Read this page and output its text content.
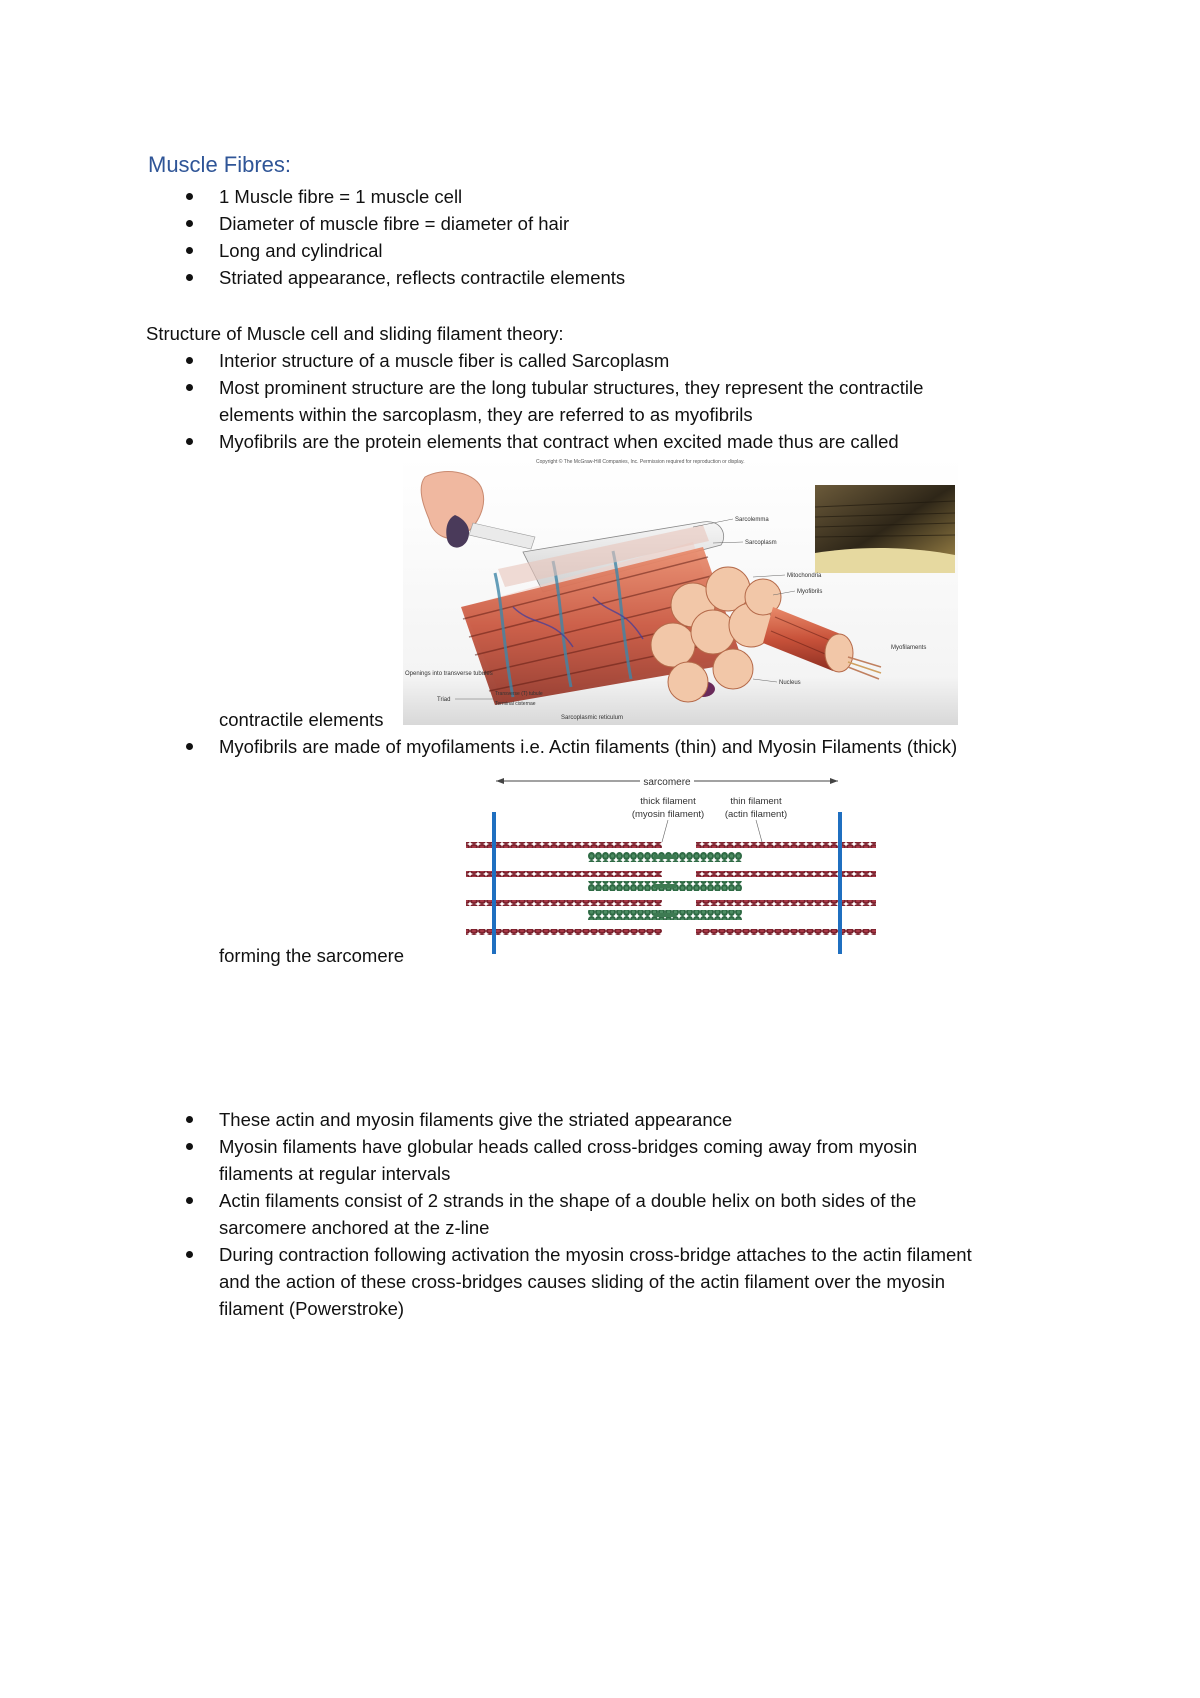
Muscle Fibres:
1 Muscle fibre = 1 muscle cell
Diameter of muscle fibre = diameter of hair
Long and cylindrical
Striated appearance, reflects contractile elements
Structure of Muscle cell and sliding filament theory:
Interior structure of a muscle fiber is called Sarcoplasm
Most prominent structure are the long tubular structures, they represent the contractile
elements within the sarcoplasm, they are referred to as myofibrils
Myofibrils are the protein elements that contract when excited made thus are called
Copyright © The McGraw-Hill Companies, Inc. Permission required for reproduction or display.
Sarcolemma
Sarcoplasm
Mitochondria
Myofibrils
Myofilaments
Nucleus
Openings into transverse tubules
Triad
Transverse (T) tubule
Terminal cisternae
Sarcoplasmic reticulum
contractile elements
Myofibrils are made of myofilaments i.e. Actin filaments (thin) and Myosin Filaments (thick)
sarcomere
thick filament
(myosin filament)
thin filament
(actin filament)
forming the sarcomere
These actin and myosin filaments give the striated appearance
Myosin filaments have globular heads called cross-bridges coming away from myosin
filaments at regular intervals
Actin filaments consist of 2 strands in the shape of a double helix on both sides of the
sarcomere anchored at the z-line
During contraction following activation the myosin cross-bridge attaches to the actin filament
and the action of these cross-bridges causes sliding of the actin filament over the myosin
filament (Powerstroke)
